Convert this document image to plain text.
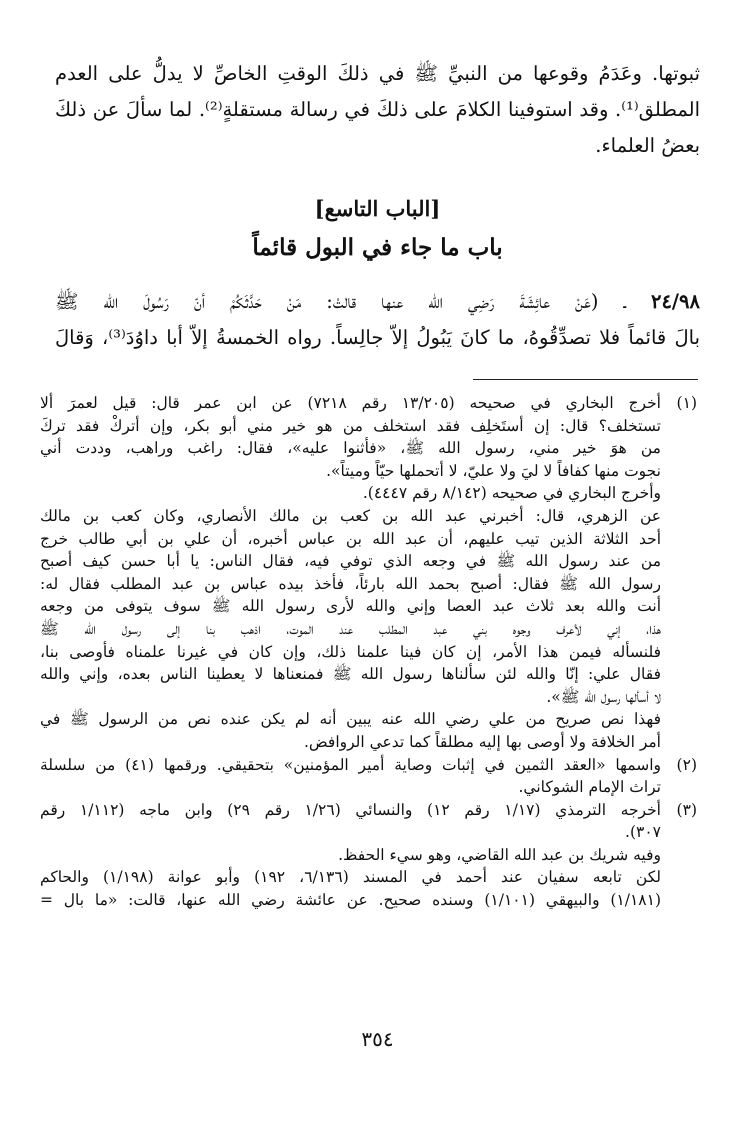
ثبوتها. وعَدَمُ وقوعها من النبيِّ ﷺ في ذلكَ الوقتِ الخاصِّ لا يدلُّ على العدم
المطلق⁽¹⁾. وقد استوفينا الكلامَ على ذلكَ في رسالة مستقلةٍ⁽²⁾. لما سألَ عن ذلكَ
بعضُ العلماء.
[الباب التاسع]
باب ما جاء في البول قائماً
٢٤/٩٨ ـ (عَنْ عائِشَةَ رَضِي الله عنها قالتْ: مَنْ حَدَّثَكُمْ أنّ رَسُولَ الله ﷺ
بالَ قائماً فلا تصدِّقُوهُ، ما كانَ يَبُولُ إلاّ جالِساً. رواه الخمسةُ إلاّ أبا داوُدَ⁽³⁾، وَقالَ
(١)
أخرج البخاري في صحيحه (١٣/٢٠٥ رقم ٧٢١٨) عن ابن عمر قال: قيل لعمرَ ألا
تستخلف؟ قال: إن أستَخلِف فقد استخلف من هو خير مني أبو بكر، وإن أتركْ فقد تركَ
من هوَ خير مني، رسول الله ﷺ، «فأثنوا عليه»، فقال: راغب وراهب، وددت أني
نجوت منها كفافاً لا ليَ ولا عليّ، لا أتحملها حيّاً وميتاً».
وأخرج البخاري في صحيحه (٨/١٤٢ رقم ٤٤٤٧).
عن الزهري، قال: أخبرني عبد الله بن كعب بن مالك الأنصاري، وكان كعب بن مالك
أحد الثلاثة الذين تيب عليهم، أن عبد الله بن عباس أخبره، أن علي بن أبي طالب خرج
من عند رسول الله ﷺ في وجعه الذي توفي فيه، فقال الناس: يا أبا حسن كيف أصبح
رسول الله ﷺ فقال: أصبح بحمد الله بارئاً، فأخذ بيده عباس بن عبد المطلب فقال له:
أنت والله بعد ثلاث عبد العصا وإني والله لأرى رسول الله ﷺ سوف يتوفى من وجعه
هذا، إني لأعرف وجوه بني عبد المطلب عند الموت، اذهب بنا إلى رسول الله ﷺ
فلنسأله فيمن هذا الأمر، إن كان فينا علمنا ذلك، وإن كان في غيرنا علمناه فأوصى بنا،
فقال علي: إنّا والله لئن سألناها رسول الله ﷺ فمنعناها لا يعطينا الناس بعده، وإني والله
لا أسألها رسول الله ﷺ».
فهذا نص صريح من علي رضي الله عنه يبين أنه لم يكن عنده نص من الرسول ﷺ في
أمر الخلافة ولا أوصى بها إليه مطلقاً كما تدعي الروافض.
(٢)
واسمها «العقد الثمين في إثبات وصاية أمير المؤمنين» بتحقيقي. ورقمها (٤١) من سلسلة
تراث الإمام الشوكاني.
(٣)
أخرجه الترمذي (١/١٧ رقم ١٢) والنسائي (١/٢٦ رقم ٢٩) وابن ماجه (١/١١٢ رقم
٣٠٧).
وفيه شريك بن عبد الله القاضي، وهو سيء الحفظ.
لكن تابعه سفيان عند أحمد في المسند (٦/١٣٦، ١٩٢) وأبو عوانة (١/١٩٨) والحاكم
(١/١٨١) والبيهقي (١/١٠١) وسنده صحيح. عن عائشة رضي الله عنها، قالت: «ما بال =
٣٥٤
